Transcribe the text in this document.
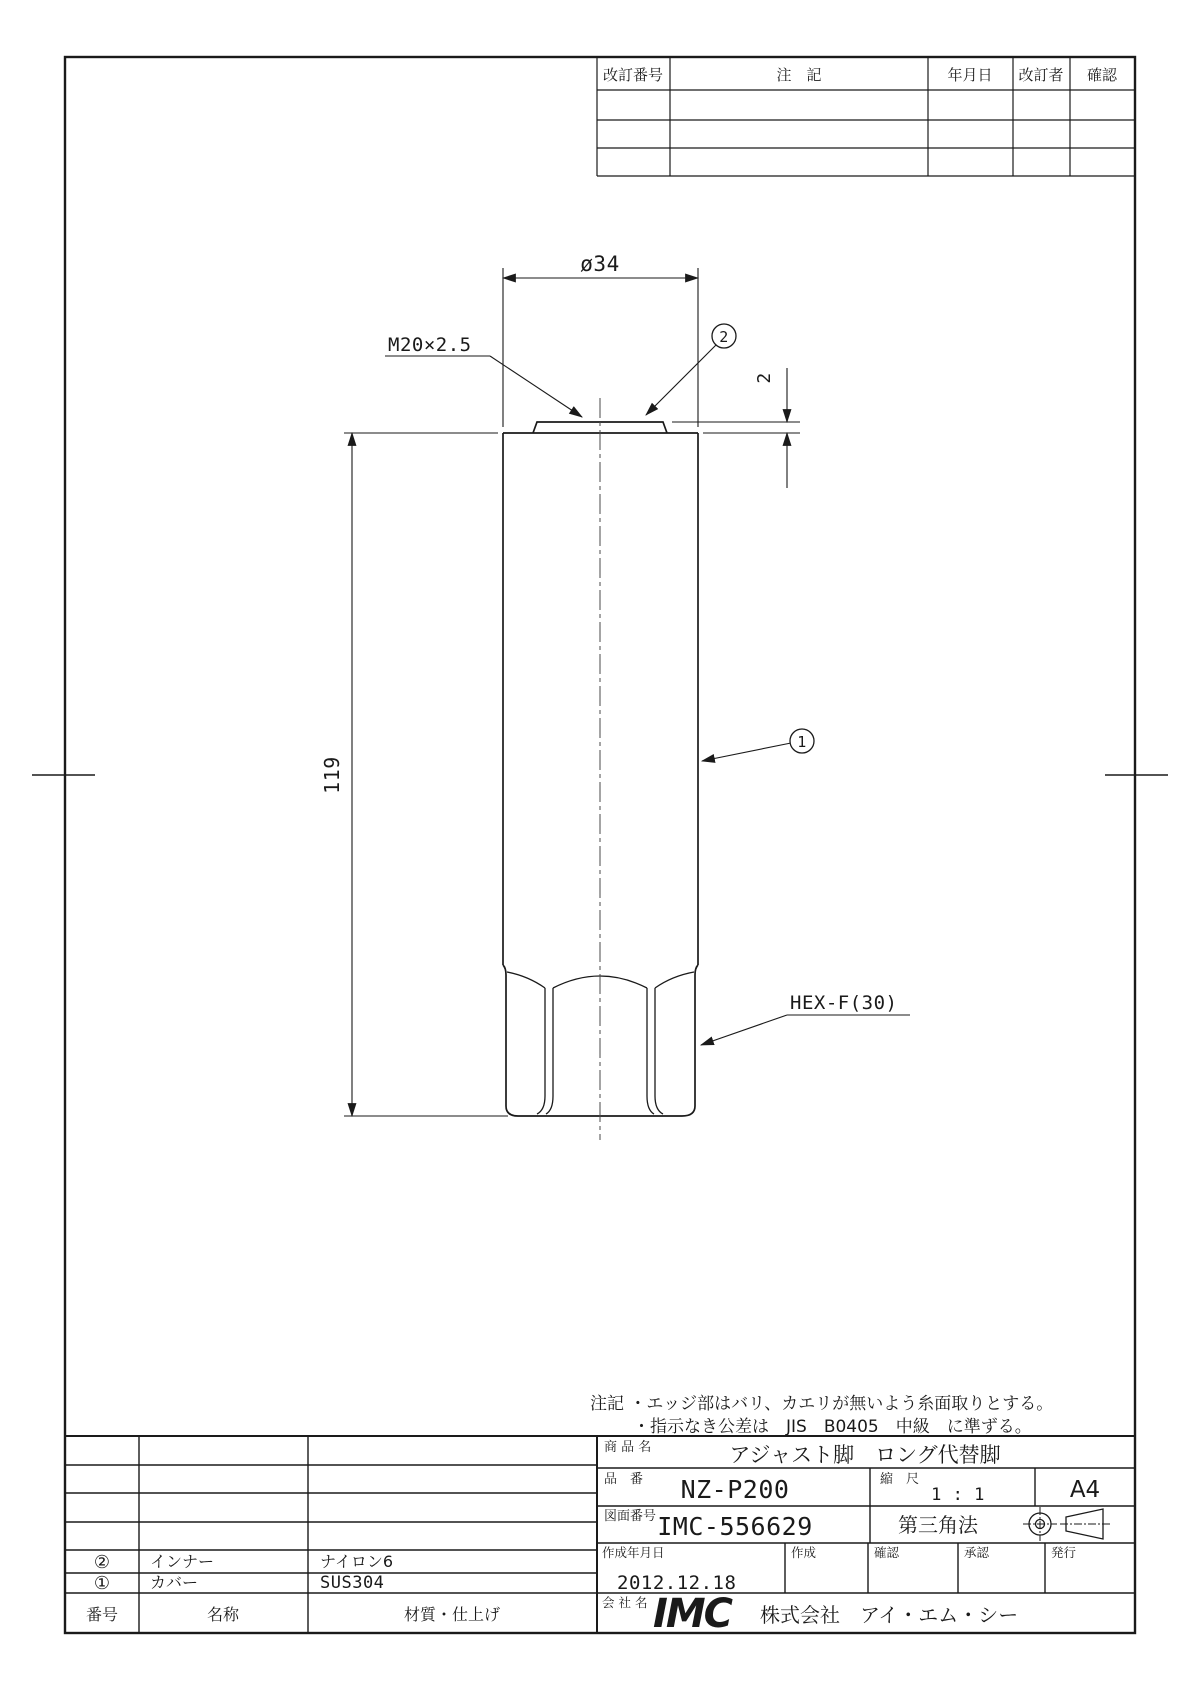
改訂番号	注　記	年月日 改訂者 確認
ø34
M20×2.5	2
2
119
1
HEX-F(30)
注記 ・エッジ部はバリ、カエリが無いよう糸面取りとする。
・指示なき公差は　JIS　B0405　中級　に準ずる。
商 品 名	アジャスト脚　ロング代替脚
品　番 NZ-P200	縮　尺
1 : 1	A4
図面番号 IMC-556629	第三角法
作成年月日	作成	確認	承認	発行
2012.12.18
会 社 名 IMC 株式会社　アイ・エム・シー
② インナー	ナイロン6
① カバー	SUS304
番号	名称	材質・仕上げ
